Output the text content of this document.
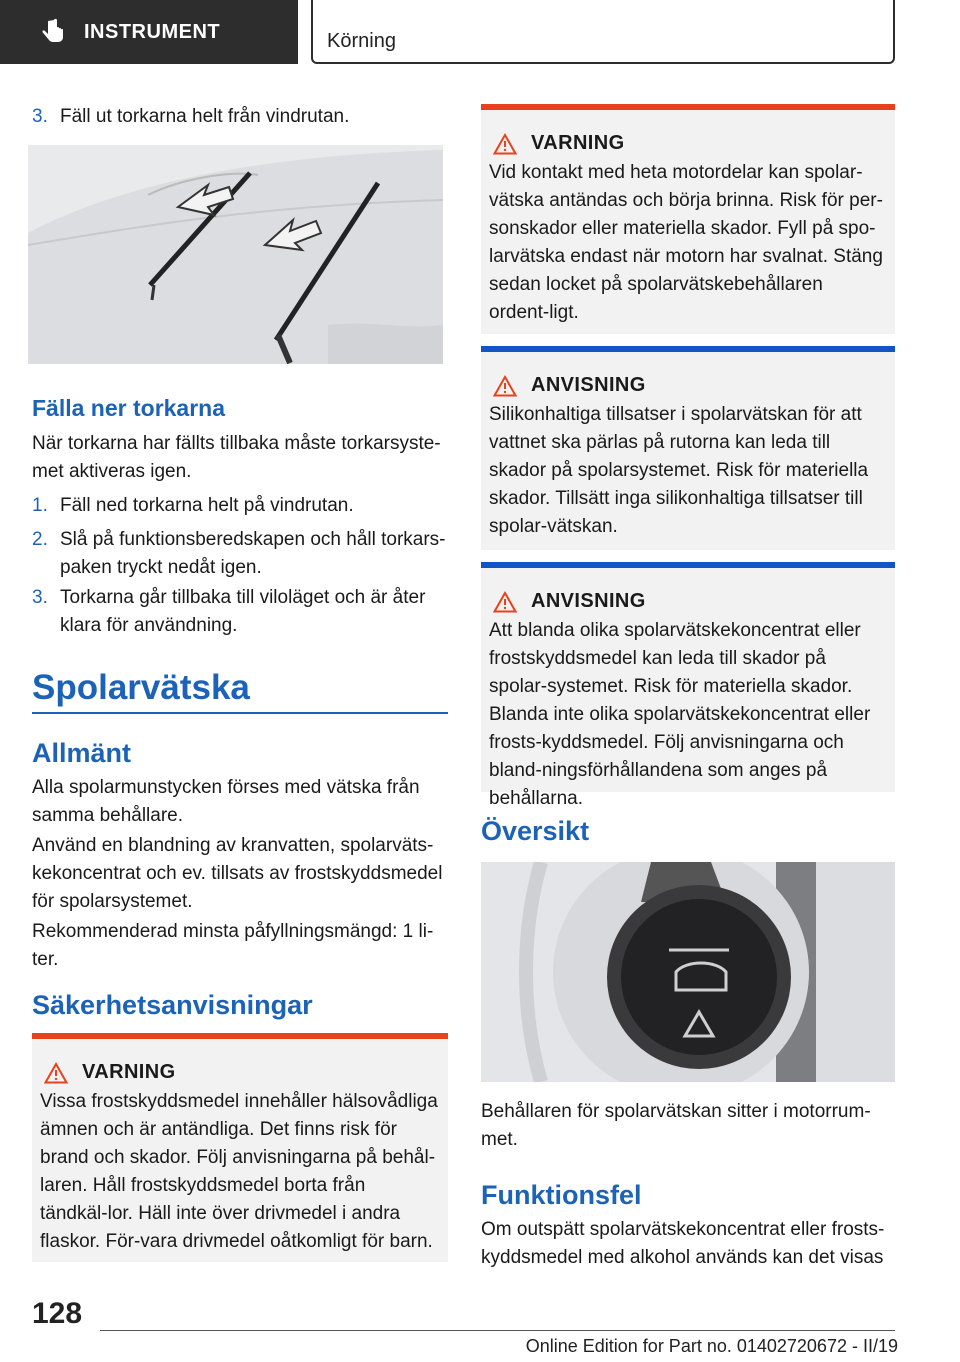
INSTRUMENT	Körning
3. Fäll ut torkarna helt från vindrutan.
Fälla ner torkarna
När torkarna har fällts tillbaka måste torkarsyste-met aktiveras igen.
1. Fäll ned torkarna helt på vindrutan.
2. Slå på funktionsberedskapen och håll torkars-paken tryckt nedåt igen.
3. Torkarna går tillbaka till viloläget och är åter klara för användning.
Spolarvätska
Allmänt
Alla spolarmunstycken förses med vätska från samma behållare.
Använd en blandning av kranvatten, spolarväts-kekoncentrat och ev. tillsats av frostskyddsmedel för spolarsystemet.
Rekommenderad minsta påfyllningsmängd: 1 li-ter.
Säkerhetsanvisningar
VARNING
Vissa frostskyddsmedel innehåller hälsovådliga ämnen och är antändliga. Det finns risk för brand och skador. Följ anvisningarna på behål-laren. Håll frostskyddsmedel borta från tändkäl-lor. Häll inte över drivmedel i andra flaskor. För-vara drivmedel oåtkomligt för barn.
VARNING
Vid kontakt med heta motordelar kan spolar-vätska antändas och börja brinna. Risk för per-sonskador eller materiella skador. Fyll på spo-larvätska endast när motorn har svalnat. Stäng sedan locket på spolarvätskebehållaren ordent-ligt.
ANVISNING
Silikonhaltiga tillsatser i spolarvätskan för att vattnet ska pärlas på rutorna kan leda till skador på spolarsystemet. Risk för materiella skador. Tillsätt inga silikonhaltiga tillsatser till spolar-vätskan.
ANVISNING
Att blanda olika spolarvätskekoncentrat eller frostskyddsmedel kan leda till skador på spolar-systemet. Risk för materiella skador. Blanda inte olika spolarvätskekoncentrat eller frosts-kyddsmedel. Följ anvisningarna och bland-ningsförhållandena som anges på behållarna.
Översikt
Behållaren för spolarvätskan sitter i motorrum-met.
Funktionsfel
Om outspätt spolarvätskekoncentrat eller frosts-kyddsmedel med alkohol används kan det visas
128
Online Edition for Part no. 01402720672 - II/19
